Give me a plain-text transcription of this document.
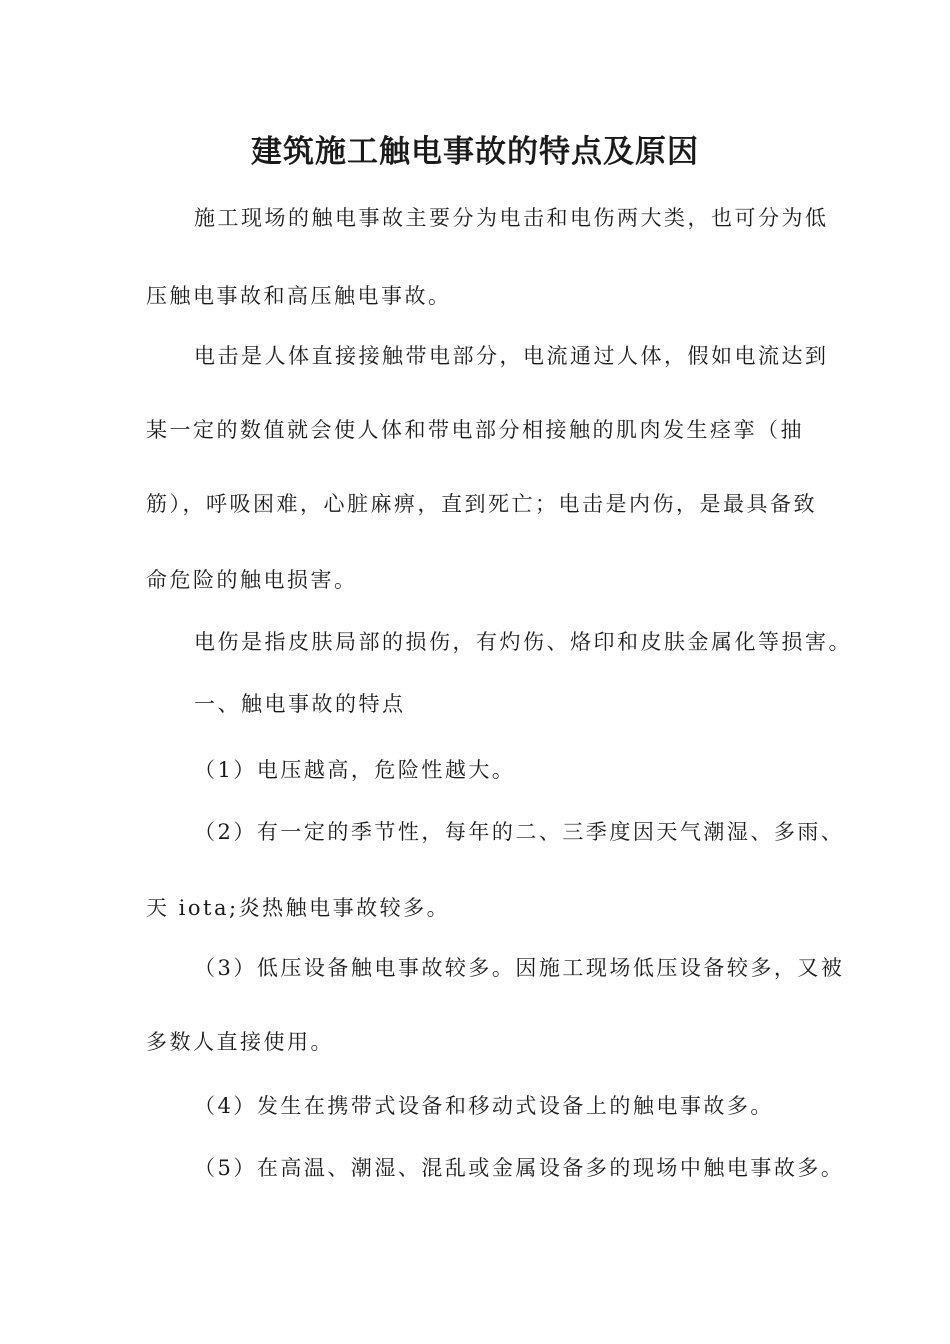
建筑施工触电事故的特点及原因

施工现场的触电事故主要分为电击和电伤两大类，也可分为低

压触电事故和高压触电事故。

电击是人体直接接触带电部分，电流通过人体，假如电流达到

某一定的数值就会使人体和带电部分相接触的肌肉发生痉挛（抽

筋），呼吸困难，心脏麻痹，直到死亡；电击是内伤，是最具备致

命危险的触电损害。

电伤是指皮肤局部的损伤，有灼伤、烙印和皮肤金属化等损害。

一、触电事故的特点

（1）电压越高，危险性越大。

（2）有一定的季节性，每年的二、三季度因天气潮湿、多雨、

天 iota;炎热触电事故较多。

（3）低压设备触电事故较多。因施工现场低压设备较多，又被

多数人直接使用。

（4）发生在携带式设备和移动式设备上的触电事故多。

（5）在高温、潮湿、混乱或金属设备多的现场中触电事故多。
